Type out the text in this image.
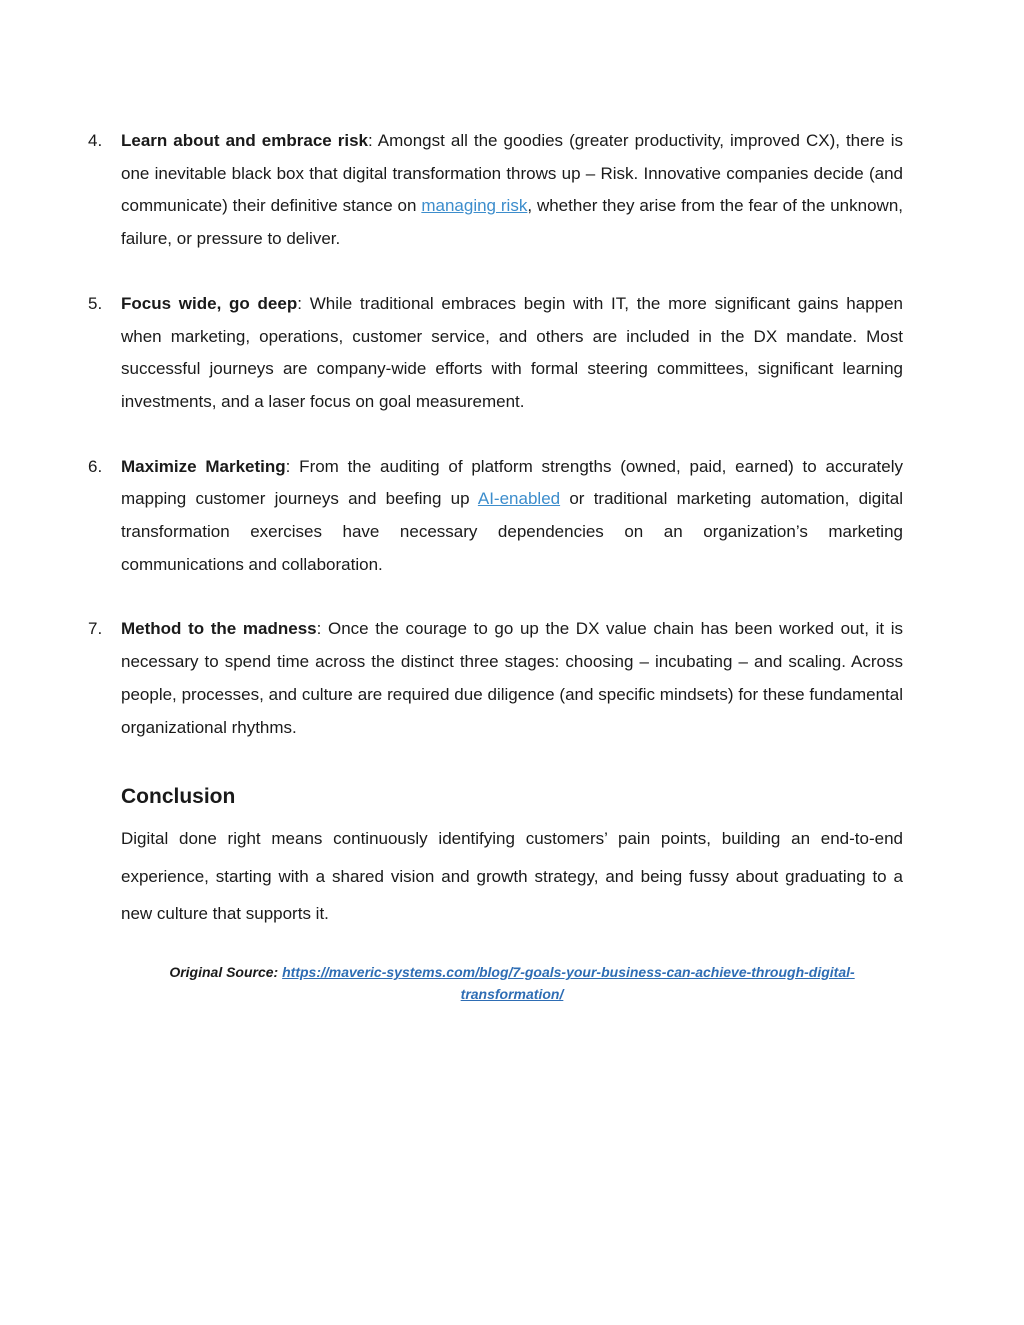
4.	Learn about and embrace risk: Amongst all the goodies (greater productivity, improved CX), there is one inevitable black box that digital transformation throws up – Risk. Innovative companies decide (and communicate) their definitive stance on managing risk, whether they arise from the fear of the unknown, failure, or pressure to deliver.
5.	Focus wide, go deep: While traditional embraces begin with IT, the more significant gains happen when marketing, operations, customer service, and others are included in the DX mandate. Most successful journeys are company-wide efforts with formal steering committees, significant learning investments, and a laser focus on goal measurement.
6.	Maximize Marketing: From the auditing of platform strengths (owned, paid, earned) to accurately mapping customer journeys and beefing up AI-enabled or traditional marketing automation, digital transformation exercises have necessary dependencies on an organization’s marketing communications and collaboration.
7.	Method to the madness: Once the courage to go up the DX value chain has been worked out, it is necessary to spend time across the distinct three stages: choosing – incubating – and scaling. Across people, processes, and culture are required due diligence (and specific mindsets) for these fundamental organizational rhythms.
Conclusion

Digital done right means continuously identifying customers’ pain points, building an end-to-end experience, starting with a shared vision and growth strategy, and being fussy about graduating to a new culture that supports it.

Original Source: https://maveric-systems.com/blog/7-goals-your-business-can-achieve-through-digital-transformation/
